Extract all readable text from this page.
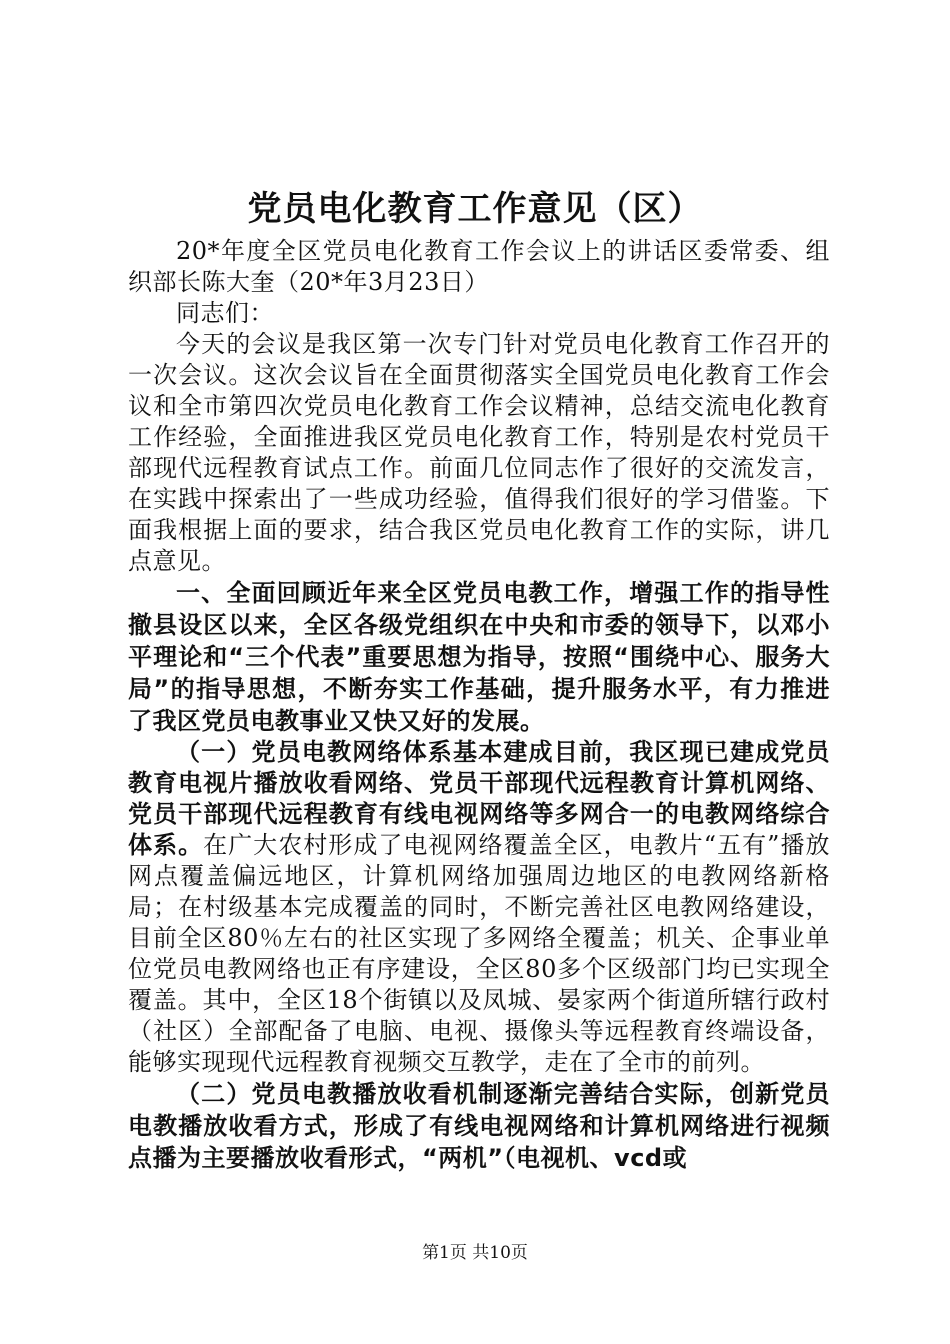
党员电化教育工作意见（区）

20*年度全区党员电化教育工作会议上的讲话区委常委、组织部长陈大奎（20*年3月23日）

同志们：

今天的会议是我区第一次专门针对党员电化教育工作召开的一次会议。这次会议旨在全面贯彻落实全国党员电化教育工作会议和全市第四次党员电化教育工作会议精神，总结交流电化教育工作经验，全面推进我区党员电化教育工作，特别是农村党员干部现代远程教育试点工作。前面几位同志作了很好的交流发言，在实践中探索出了一些成功经验，值得我们很好的学习借鉴。下面我根据上面的要求，结合我区党员电化教育工作的实际，讲几点意见。

一、全面回顾近年来全区党员电教工作，增强工作的指导性撤县设区以来，全区各级党组织在中央和市委的领导下，以邓小平理论和“三个代表”重要思想为指导，按照“围绕中心、服务大局”的指导思想，不断夯实工作基础，提升服务水平，有力推进了我区党员电教事业又快又好的发展。

（一）党员电教网络体系基本建成目前，我区现已建成党员教育电视片播放收看网络、党员干部现代远程教育计算机网络、党员干部现代远程教育有线电视网络等多网合一的电教网络综合体系。在广大农村形成了电视网络覆盖全区，电教片“五有”播放网点覆盖偏远地区，计算机网络加强周边地区的电教网络新格局；在村级基本完成覆盖的同时，不断完善社区电教网络建设，目前全区80％左右的社区实现了多网络全覆盖；机关、企事业单位党员电教网络也正有序建设，全区80多个区级部门均已实现全覆盖。其中，全区18个街镇以及凤城、晏家两个街道所辖行政村（社区）全部配备了电脑、电视、摄像头等远程教育终端设备，能够实现现代远程教育视频交互教学，走在了全市的前列。

（二）党员电教播放收看机制逐渐完善结合实际，创新党员电教播放收看方式，形成了有线电视网络和计算机网络进行视频点播为主要播放收看形式，“两机”（电视机、vcd或

第1页 共10页
